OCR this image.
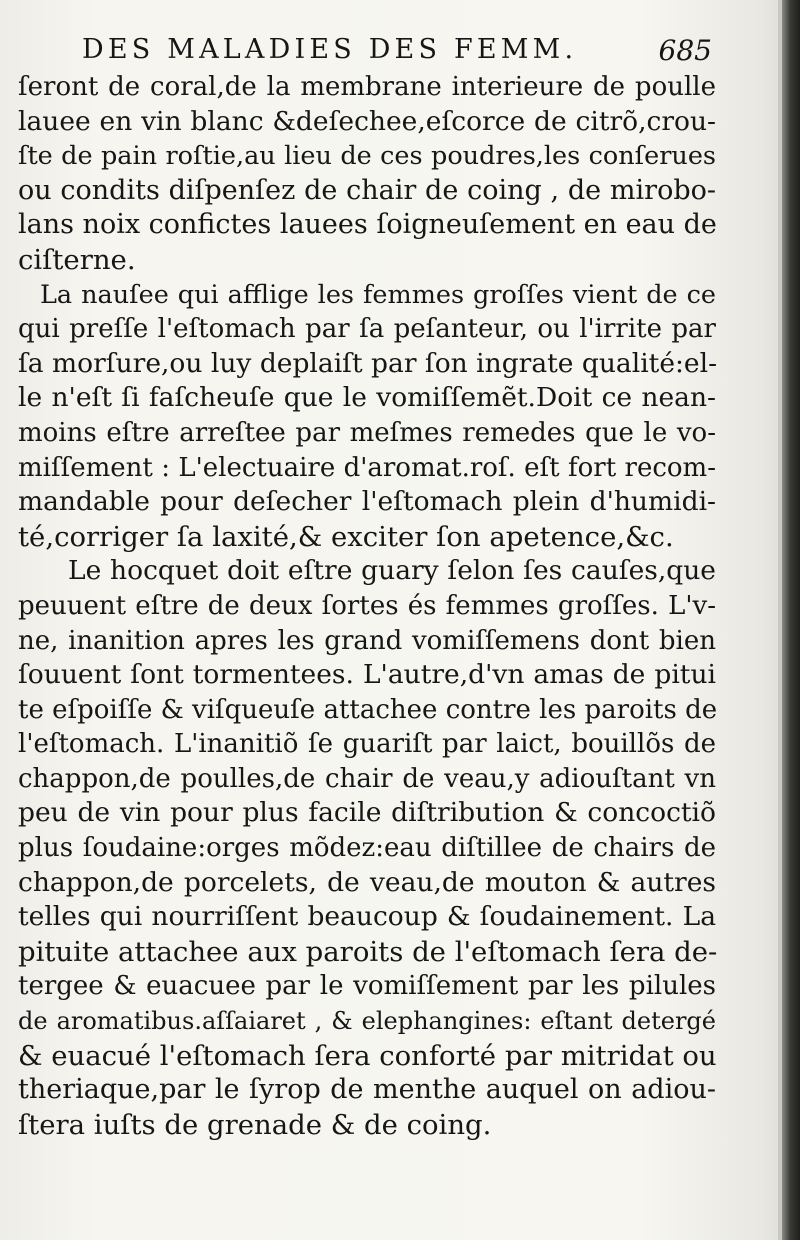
DES MALADIES DES FEMM.	685
ſeront de coral,de la membrane interieure de poulle
lauee en vin blanc &deſechee,eſcorce de citrõ,crou-
ſte de pain roſtie,au lieu de ces poudres,les conſerues
ou condits diſpenſez de chair de coing , de mirobo-
lans noix confictes lauees ſoigneuſement en eau de
ciſterne.
La nauſee qui afflige les femmes groſſes vient de ce
qui preſſe l'eſtomach par ſa peſanteur, ou l'irrite par
ſa morſure,ou luy deplaiſt par ſon ingrate qualité:el-
le n'eſt ſi faſcheuſe que le vomiſſemẽt.Doit ce nean-
moins eſtre arreſtee par meſmes remedes que le vo-
miſſement : L'electuaire d'aromat.roſ. eſt fort recom-
mandable pour deſecher l'eſtomach plein d'humidi-
té,corriger ſa laxité,& exciter ſon apetence,&c.
Le hocquet doit eſtre guary ſelon ſes cauſes,que
peuuent eſtre de deux ſortes és femmes groſſes. L'v-
ne, inanition apres les grand vomiſſemens dont bien
ſouuent ſont tormentees. L'autre,d'vn amas de pitui
te eſpoiſſe & viſqueuſe attachee contre les paroits de
l'eſtomach. L'inanitiõ ſe guariſt par laict, bouillõs de
chappon,de poulles,de chair de veau,y adiouſtant vn
peu de vin pour plus facile diſtribution & concoctiõ
plus ſoudaine:orges mõdez:eau diſtillee de chairs de
chappon,de porcelets, de veau,de mouton & autres
telles qui nourriſſent beaucoup & ſoudainement. La
pituite attachee aux paroits de l'eſtomach ſera de-
tergee & euacuee par le vomiſſement par les pilules
de aromatibus.aſſaiaret , & elephangines: eſtant detergé
& euacué l'eſtomach ſera conforté par mitridat ou
theriaque,par le ſyrop de menthe auquel on adiou-
ſtera iuſts de grenade & de coing.
